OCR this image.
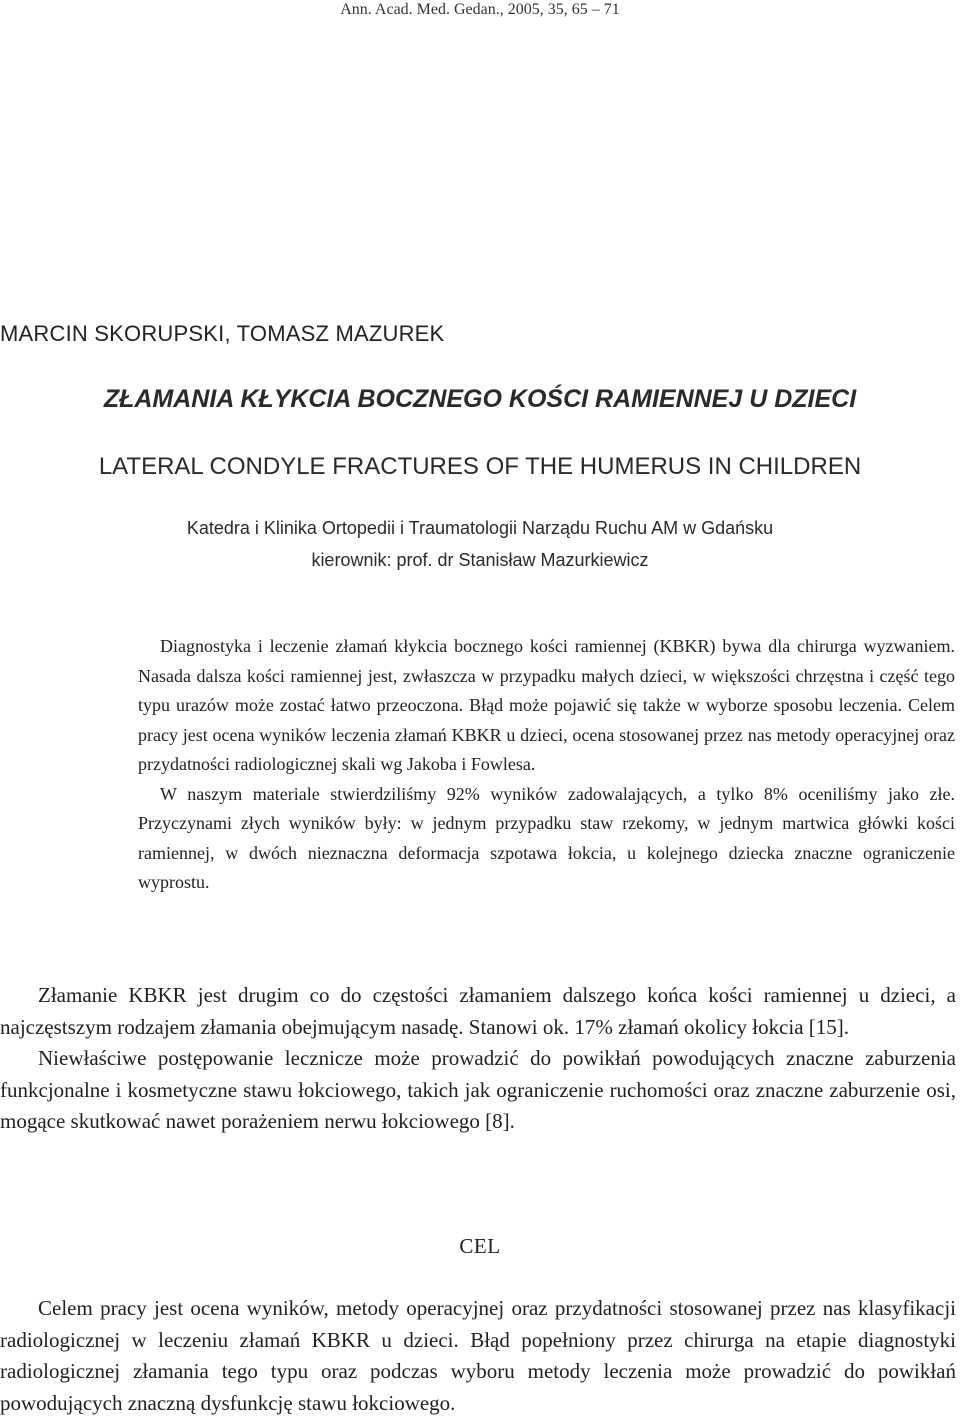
Ann. Acad. Med. Gedan., 2005, 35, 65 – 71
MARCIN SKORUPSKI, TOMASZ MAZUREK
ZŁAMANIA KŁYKCIA BOCZNEGO KOŚCI RAMIENNEJ U DZIECI
LATERAL CONDYLE FRACTURES OF THE HUMERUS IN CHILDREN
Katedra i Klinika Ortopedii i Traumatologii Narządu Ruchu AM w Gdańsku
kierownik: prof. dr Stanisław Mazurkiewicz

Diagnostyka i leczenie złamań kłykcia bocznego kości ramiennej (KBKR) bywa dla chirurga wyzwaniem. Nasada dalsza kości ramiennej jest, zwłaszcza w przypadku małych dzieci, w większości chrzęstna i część tego typu urazów może zostać łatwo przeoczona. Błąd może pojawić się także w wyborze sposobu leczenia. Celem pracy jest ocena wyników leczenia złamań KBKR u dzieci, ocena stosowanej przez nas metody operacyjnej oraz przydatności radiologicznej skali wg Jakoba i Fowlesa.

W naszym materiale stwierdziliśmy 92% wyników zadowalających, a tylko 8% oceniliśmy jako złe. Przyczynami złych wyników były: w jednym przypadku staw rzekomy, w jednym martwica główki kości ramiennej, w dwóch nieznaczna deformacja szpotawa łokcia, u kolejnego dziecka znaczne ograniczenie wyprostu.

Złamanie KBKR jest drugim co do częstości złamaniem dalszego końca kości ramiennej u dzieci, a najczęstszym rodzajem złamania obejmującym nasadę. Stanowi ok. 17% złamań okolicy łokcia [15].

Niewłaściwe postępowanie lecznicze może prowadzić do powikłań powodujących znaczne zaburzenia funkcjonalne i kosmetyczne stawu łokciowego, takich jak ograniczenie ruchomości oraz znaczne zaburzenie osi, mogące skutkować nawet porażeniem nerwu łokciowego [8].

CEL

Celem pracy jest ocena wyników, metody operacyjnej oraz przydatności stosowanej przez nas klasyfikacji radiologicznej w leczeniu złamań KBKR u dzieci. Błąd popełniony przez chirurga na etapie diagnostyki radiologicznej złamania tego typu oraz podczas wyboru metody leczenia może prowadzić do powikłań powodujących znaczną dysfunkcję stawu łokciowego.
